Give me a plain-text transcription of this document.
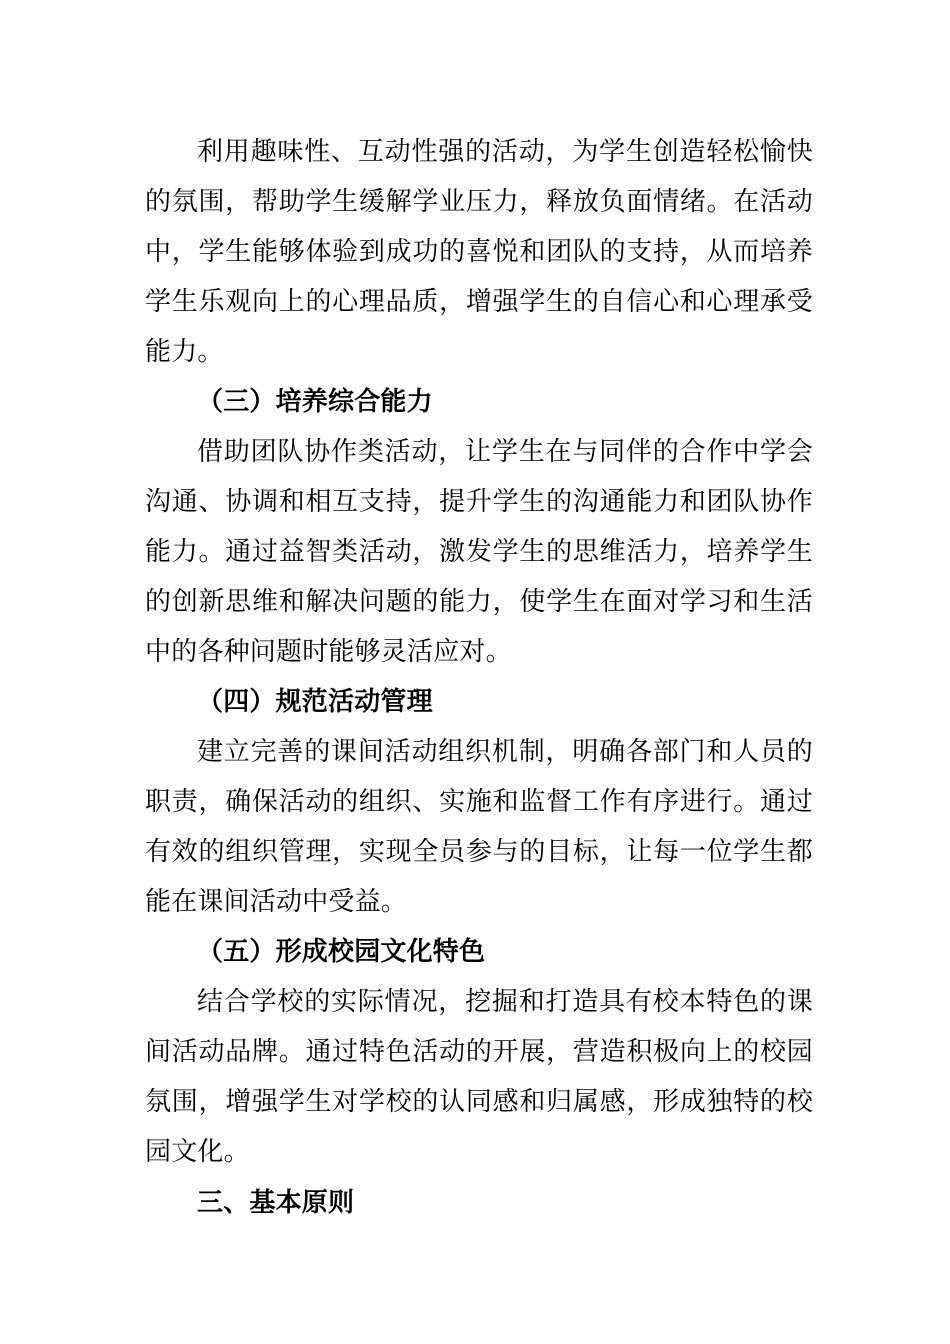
利用趣味性、互动性强的活动，为学生创造轻松愉快的氛围，帮助学生缓解学业压力，释放负面情绪。在活动中，学生能够体验到成功的喜悦和团队的支持，从而培养学生乐观向上的心理品质，增强学生的自信心和心理承受能力。

（三）培养综合能力

借助团队协作类活动，让学生在与同伴的合作中学会沟通、协调和相互支持，提升学生的沟通能力和团队协作能力。通过益智类活动，激发学生的思维活力，培养学生的创新思维和解决问题的能力，使学生在面对学习和生活中的各种问题时能够灵活应对。

（四）规范活动管理

建立完善的课间活动组织机制，明确各部门和人员的职责，确保活动的组织、实施和监督工作有序进行。通过有效的组织管理，实现全员参与的目标，让每一位学生都能在课间活动中受益。

（五）形成校园文化特色

结合学校的实际情况，挖掘和打造具有校本特色的课间活动品牌。通过特色活动的开展，营造积极向上的校园氛围，增强学生对学校的认同感和归属感，形成独特的校园文化。

三、基本原则
